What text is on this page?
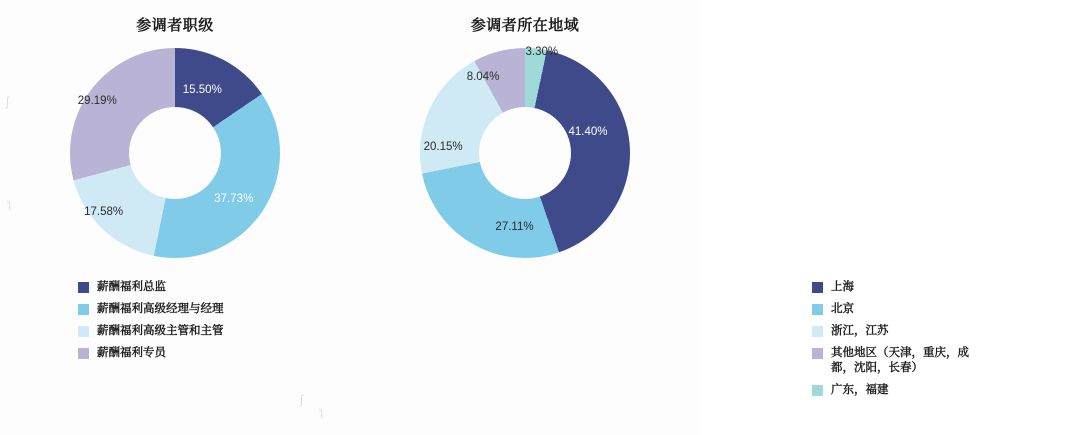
ʃ
ʅ
ʃ
ʅ
参调者职级
15.50%
37.73%
17.58%
29.19%
薪酬福利总监
薪酬福利高级经理与经理
薪酬福利高级主管和主管
薪酬福利专员
参调者所在地域
41.40%
27.11%
20.15%
8.04%
3.30%
上海
北京
浙江，江苏
其他地区（天津，重庆，成都，沈阳，长春）
广东，福建
